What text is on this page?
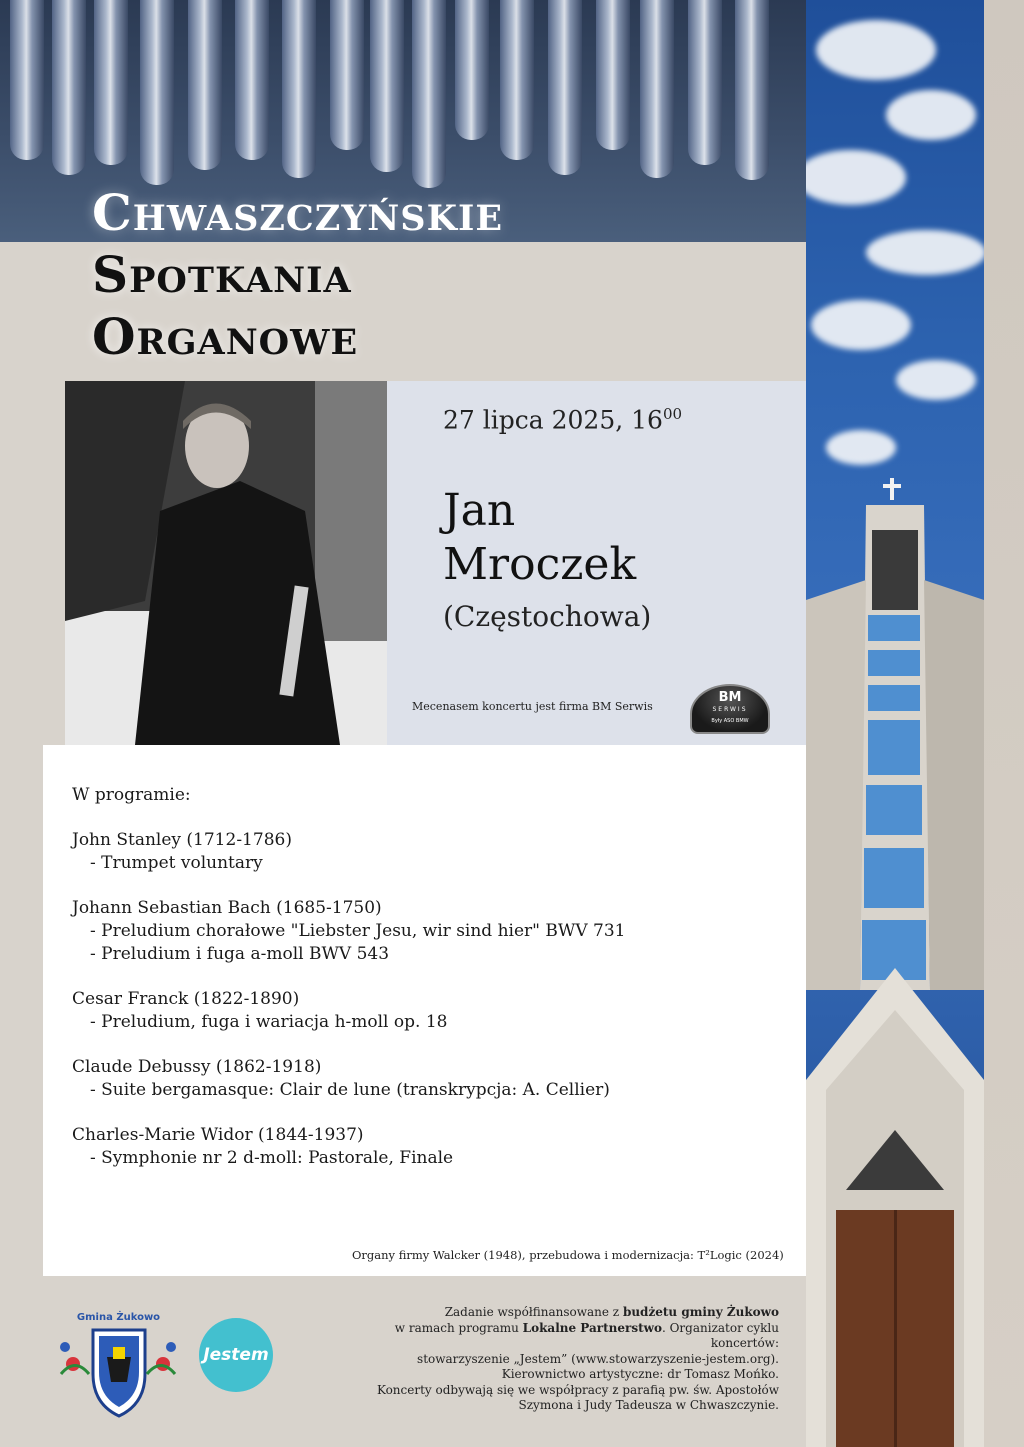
Chwaszczyńskie
Spotkania
Organowe
27 lipca 2025, $16^{00}$
Jan
Mroczek
(Częstochowa)
Mecenasem koncertu jest firma BM Serwis
BM
SERWIS
Były ASO BMW
W programie:
John Stanley (1712-1786)
- Trumpet voluntary
Johann Sebastian Bach (1685-1750)
- Preludium chorałowe "Liebster Jesu, wir sind hier" BWV 731
- Preludium i fuga a-moll BWV 543
Cesar Franck (1822-1890)
- Preludium, fuga i wariacja h-moll op. 18
Claude Debussy (1862-1918)
- Suite bergamasque: Clair de lune (transkrypcja: A. Cellier)
Charles-Marie Widor (1844-1937)
- Symphonie nr 2 d-moll: Pastorale, Finale
Organy firmy Walcker (1948), przebudowa i modernizacja: T²Logic (2024)
Gmina Żukowo
Jestem
Zadanie współfinansowane z budżetu gminy Żukowo
w ramach programu Lokalne Partnerstwo. Organizator cyklu koncertów:
stowarzyszenie „Jestem” (www.stowarzyszenie-jestem.org).
Kierownictwo artystyczne: dr Tomasz Mońko.
Koncerty odbywają się we współpracy z parafią pw. św. Apostołów
Szymona i Judy Tadeusza w Chwaszczynie.
